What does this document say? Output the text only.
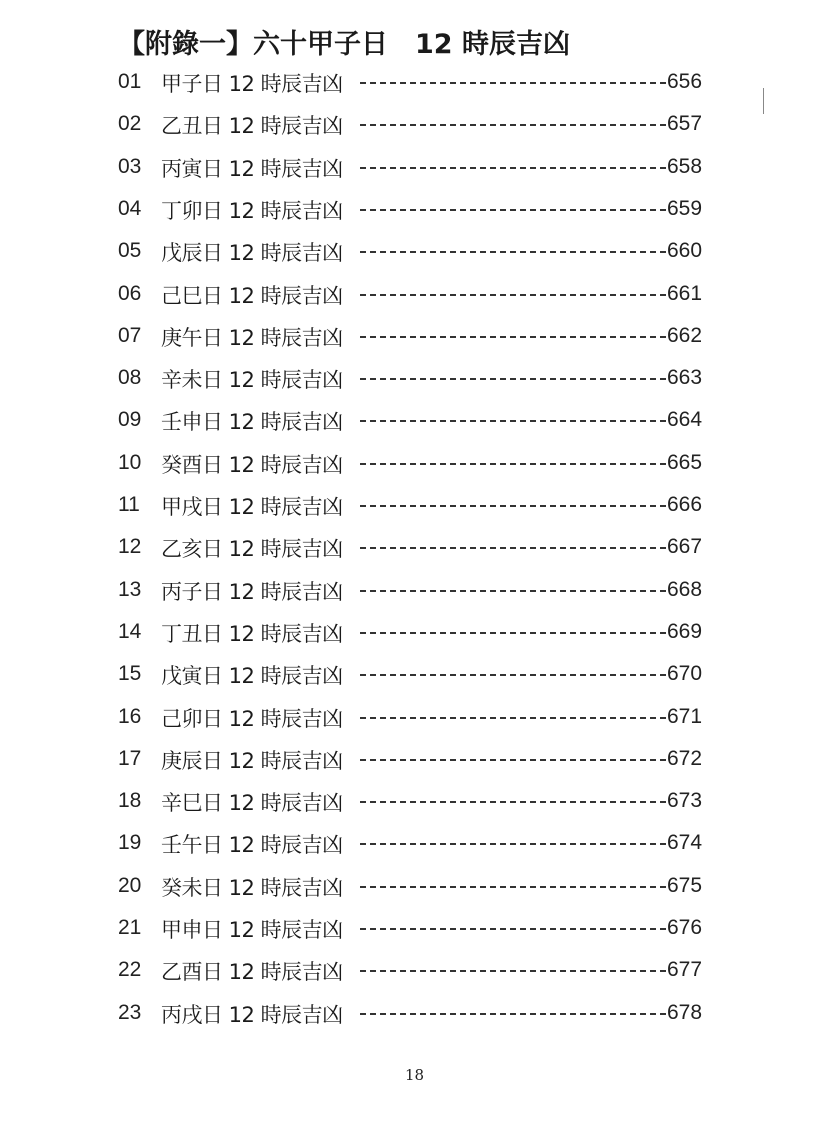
【附錄一】六十甲子日　12 時辰吉凶
01 甲子日 12 時辰吉凶	656
02 乙丑日 12 時辰吉凶	657
03 丙寅日 12 時辰吉凶	658
04 丁卯日 12 時辰吉凶	659
05 戊辰日 12 時辰吉凶	660
06 己巳日 12 時辰吉凶	661
07 庚午日 12 時辰吉凶	662
08 辛未日 12 時辰吉凶	663
09 壬申日 12 時辰吉凶	664
10 癸酉日 12 時辰吉凶	665
11 甲戌日 12 時辰吉凶	666
12 乙亥日 12 時辰吉凶	667
13 丙子日 12 時辰吉凶	668
14 丁丑日 12 時辰吉凶	669
15 戊寅日 12 時辰吉凶	670
16 己卯日 12 時辰吉凶	671
17 庚辰日 12 時辰吉凶	672
18 辛巳日 12 時辰吉凶	673
19 壬午日 12 時辰吉凶	674
20 癸未日 12 時辰吉凶	675
21 甲申日 12 時辰吉凶	676
22 乙酉日 12 時辰吉凶	677
23 丙戌日 12 時辰吉凶	678
18
